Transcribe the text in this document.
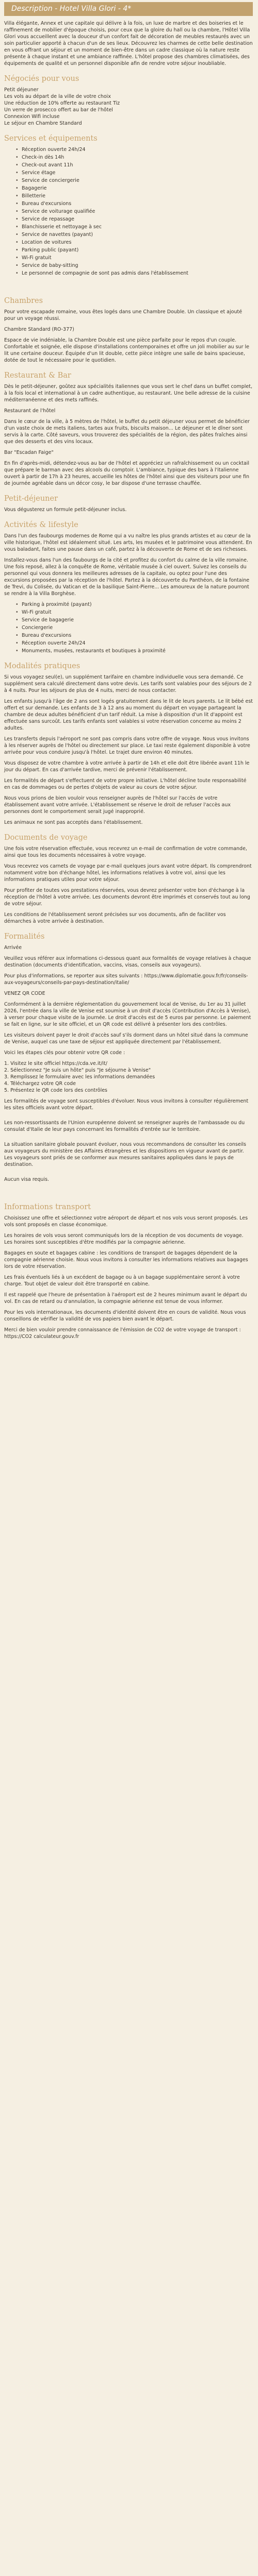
Description - Hotel Villa Glori - 4*

Villa élégante, Annex et une capitale qui délivre à la fois, un luxe de marbre et des boiseries et le raffinement de mobilier d'époque choisis, pour ceux que la gloire du hall ou la chambre, l'Hôtel Villa Glori vous accueillent avec la douceur d'un confort fait de décoration de meubles restaurés avec un soin particulier apporté à chacun d'un de ses lieux. Découvrez les charmes de cette belle destination en vous offrant un séjour et un moment de bien-être dans un cadre classique où la nature reste présente à chaque instant et une ambiance raffinée. L'hôtel propose des chambres climatisées, des équipements de qualité et un personnel disponible afin de rendre votre séjour inoubliable.

Négociés pour vous

Petit déjeuner
Les vols au départ de la ville de votre choix
Une réduction de 10% offerte au restaurant Tiz
Un verre de prosecco offert au bar de l'hôtel
Connexion Wifi incluse
Le séjour en Chambre Standard

Services et équipements
• Réception ouverte 24h/24
• Check-in dès 14h
• Check-out avant 11h
• Service étage
• Service de conciergerie
• Bagagerie
• Billetterie
• Bureau d'excursions
• Service de voiturage qualifiée
• Service de repassage
• Blanchisserie et nettoyage à sec
• Service de navettes (payant)
• Location de voitures
• Parking public (payant)
• Wi-Fi gratuit
• Service de baby-sitting
• Le personnel de compagnie de sont pas admis dans l'établissement
Chambres

Pour votre escapade romaine, vous êtes logés dans une Chambre Double. Un classique et ajouté pour un voyage réussi.

Chambre Standard (RO-377)

Espace de vie indéniable, la Chambre Double est une pièce parfaite pour le repos d'un couple. Confortable et soignée, elle dispose d'installations contemporaines et offre un joli mobilier au sur le lit une certaine douceur. Équipée d'un lit double, cette pièce intègre une salle de bains spacieuse, dotée de tout le nécessaire pour le quotidien.

Restaurant & Bar

Dès le petit-déjeuner, goûtez aux spécialités italiennes que vous sert le chef dans un buffet complet, à la fois local et international à un cadre authentique, au restaurant. Une belle adresse de la cuisine méditerranéenne et des mets raffinés.

Restaurant de l'hôtel

Dans le cœur de la ville, à 5 mètres de l'hôtel, le buffet du petit déjeuner vous permet de bénéficier d'un vaste choix de mets italiens, tartes aux fruits, biscuits maison... Le déjeuner et le dîner sont servis à la carte. Côté saveurs, vous trouverez des spécialités de la région, des pâtes fraîches ainsi que des desserts et des vins locaux.

Bar "Escadan Faige"

En fin d'après-midi, détendez-vous au bar de l'hôtel et appréciez un rafraîchissement ou un cocktail que prépare le barman avec des alcools du comptoir. L'ambiance, typique des bars à l'italienne ouvert à partir de 17h à 23 heures, accueille les hôtes de l'hôtel ainsi que des visiteurs pour une fin de journée agréable dans un décor cosy, le bar dispose d'une terrasse chauffée.

Petit-déjeuner

Vous dégusterez un formule petit-déjeuner inclus.

Activités & lifestyle

Dans l'un des faubourgs modernes de Rome qui a vu naître les plus grands artistes et au cœur de la ville historique, l'hôtel est idéalement situé. Les arts, les musées et le patrimoine vous attendent. En vous baladant, faites une pause dans un café, partez à la découverte de Rome et de ses richesses.

Installez-vous dans l'un des faubourgs de la cité et profitez du confort du calme de la ville romaine. Une fois reposé, allez à la conquête de Rome, véritable musée à ciel ouvert. Suivez les conseils du personnel qui vous donnera les meilleures adresses de la capitale, ou optez pour l'une des excursions proposées par la réception de l'hôtel. Partez à la découverte du Panthéon, de la fontaine de Trevi, du Colisée, du Vatican et de la basilique Saint-Pierre... Les amoureux de la nature pourront se rendre à la Villa Borghèse.

• Parking à proximité (payant)
• Wi-Fi gratuit
• Service de bagagerie
• Conciergerie
• Bureau d'excursions
• Réception ouverte 24h/24
• Monuments, musées, restaurants et boutiques à proximité
Modalités pratiques

Si vous voyagez seul(e), un supplément tarifaire en chambre individuelle vous sera demandé. Ce supplément sera calculé directement dans votre devis. Les tarifs sont valables pour des séjours de 2 à 4 nuits. Pour les séjours de plus de 4 nuits, merci de nous contacter.

Les enfants jusqu'à l'âge de 2 ans sont logés gratuitement dans le lit de leurs parents. Le lit bébé est offert et sur demande. Les enfants de 3 à 12 ans au moment du départ en voyage partageant la chambre de deux adultes bénéficient d'un tarif réduit. La mise à disposition d'un lit d'appoint est effectuée sans surcoût. Les tarifs enfants sont valables si votre réservation concerne au moins 2 adultes.

Les transferts depuis l'aéroport ne sont pas compris dans votre offre de voyage. Nous vous invitons à les réserver auprès de l'hôtel ou directement sur place. Le taxi reste également disponible à votre arrivée pour vous conduire jusqu'à l'hôtel. Le trajet dure environ 40 minutes.

Vous disposez de votre chambre à votre arrivée à partir de 14h et elle doit être libérée avant 11h le jour du départ. En cas d'arrivée tardive, merci de prévenir l'établissement.

Les formalités de départ s'effectuent de votre propre initiative. L'hôtel décline toute responsabilité en cas de dommages ou de pertes d'objets de valeur au cours de votre séjour.

Nous vous prions de bien vouloir vous renseigner auprès de l'hôtel sur l'accès de votre établissement avant votre arrivée. L'établissement se réserve le droit de refuser l'accès aux personnes dont le comportement serait jugé inapproprié.

Les animaux ne sont pas acceptés dans l'établissement.

Documents de voyage

Une fois votre réservation effectuée, vous recevrez un e-mail de confirmation de votre commande, ainsi que tous les documents nécessaires à votre voyage.

Vous recevrez vos carnets de voyage par e-mail quelques jours avant votre départ. Ils comprendront notamment votre bon d'échange hôtel, les informations relatives à votre vol, ainsi que les informations pratiques utiles pour votre séjour.

Pour profiter de toutes vos prestations réservées, vous devrez présenter votre bon d'échange à la réception de l'hôtel à votre arrivée. Les documents devront être imprimés et conservés tout au long de votre séjour.

Les conditions de l'établissement seront précisées sur vos documents, afin de faciliter vos démarches à votre arrivée à destination.

Formalités

Arrivée

Veuillez vous référer aux informations ci-dessous quant aux formalités de voyage relatives à chaque destination (documents d'identification, vaccins, visas, conseils aux voyageurs).

Pour plus d'informations, se reporter aux sites suivants : https://www.diplomatie.gouv.fr/fr/conseils-aux-voyageurs/conseils-par-pays-destination/italie/

VENEZ QR CODE

Conformément à la dernière réglementation du gouvernement local de Venise, du 1er au 31 juillet 2026, l'entrée dans la ville de Venise est soumise à un droit d'accès (Contribution d'Accès à Venise), à verser pour chaque visite de la journée. Le droit d'accès est de 5 euros par personne. Le paiement se fait en ligne, sur le site officiel, et un QR code est délivré à présenter lors des contrôles.

Les visiteurs doivent payer le droit d'accès sauf s'ils dorment dans un hôtel situé dans la commune de Venise, auquel cas une taxe de séjour est appliquée directement par l'établissement.

Voici les étapes clés pour obtenir votre QR code :

1. Visitez le site officiel https://cda.ve.it/it/
2. Sélectionnez "Je suis un hôte" puis "Je séjourne à Venise"
3. Remplissez le formulaire avec les informations demandées
4. Téléchargez votre QR code
5. Présentez le QR code lors des contrôles

Les formalités de voyage sont susceptibles d'évoluer. Nous vous invitons à consulter régulièrement les sites officiels avant votre départ.

Les non-ressortissants de l'Union européenne doivent se renseigner auprès de l'ambassade ou du consulat d'Italie de leur pays concernant les formalités d'entrée sur le territoire.

La situation sanitaire globale pouvant évoluer, nous vous recommandons de consulter les conseils aux voyageurs du ministère des Affaires étrangères et les dispositions en vigueur avant de partir. Les voyageurs sont priés de se conformer aux mesures sanitaires appliquées dans le pays de destination.

Aucun visa requis.

Informations transport

Choisissez une offre et sélectionnez votre aéroport de départ et nos vols vous seront proposés. Les vols sont proposés en classe économique.

Les horaires de vols vous seront communiqués lors de la réception de vos documents de voyage. Les horaires sont susceptibles d'être modifiés par la compagnie aérienne.

Bagages en soute et bagages cabine : les conditions de transport de bagages dépendent de la compagnie aérienne choisie. Nous vous invitons à consulter les informations relatives aux bagages lors de votre réservation.

Les frais éventuels liés à un excédent de bagage ou à un bagage supplémentaire seront à votre charge. Tout objet de valeur doit être transporté en cabine.

Il est rappelé que l'heure de présentation à l'aéroport est de 2 heures minimum avant le départ du vol. En cas de retard ou d'annulation, la compagnie aérienne est tenue de vous informer.

Pour les vols internationaux, les documents d'identité doivent être en cours de validité. Nous vous conseillons de vérifier la validité de vos papiers bien avant le départ.

Merci de bien vouloir prendre connaissance de l'émission de CO2 de votre voyage de transport : https://CO2 calculateur.gouv.fr
